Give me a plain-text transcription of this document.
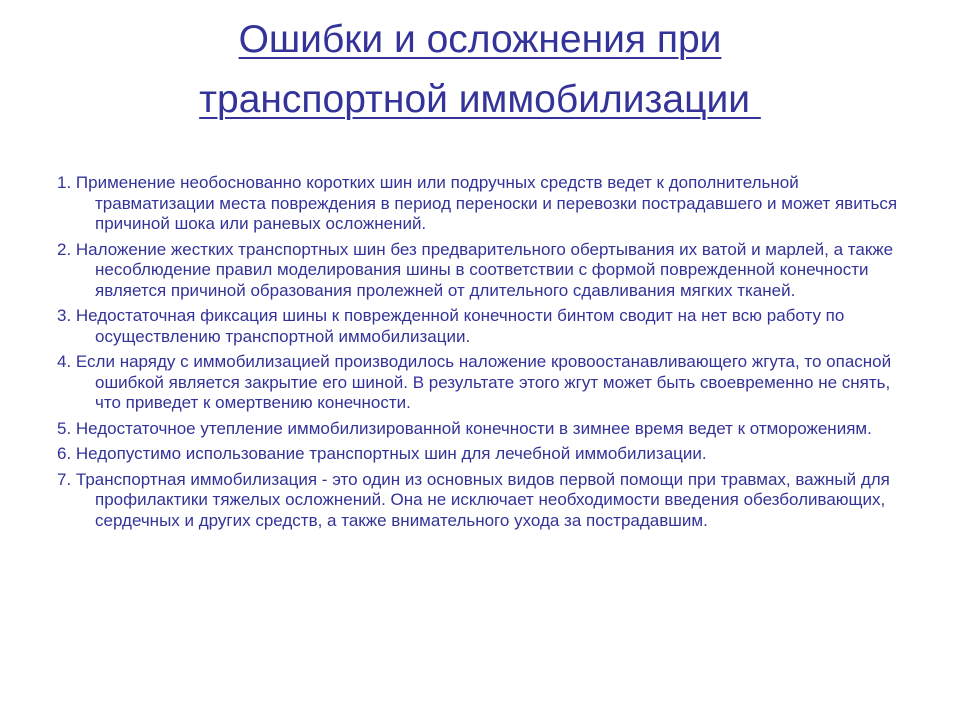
Ошибки и осложнения при
транспортной иммобилизации
1. Применение необоснованно коротких шин или подручных средств ведет к дополнительной травматизации места повреждения в период переноски и перевозки пострадавшего и может явиться причиной шока или раневых осложнений.
2. Наложение жестких транспортных шин без предварительного обертывания их ватой и марлей, а также несоблюдение правил моделирования шины в соответствии с формой поврежденной конечности является причиной образования пролежней от длительного сдавливания мягких тканей.
3. Недостаточная фиксация шины к поврежденной конечности бинтом сводит на нет всю работу по осуществлению транспортной иммобилизации.
4. Если наряду с иммобилизацией производилось наложение кровоостанавливающего жгута, то опасной ошибкой является закрытие его шиной. В результате этого жгут может быть своевременно не снять, что приведет к омертвению конечности.
5. Недостаточное утепление иммобилизированной конечности в зимнее время ведет к отморожениям.
6. Недопустимо использование транспортных шин для лечебной иммобилизации.
7. Транспортная иммобилизация - это один из основных видов первой помощи при травмах, важный для профилактики тяжелых осложнений. Она не исключает необходимости введения обезболивающих, сердечных и других средств, а также внимательного ухода за пострадавшим.
